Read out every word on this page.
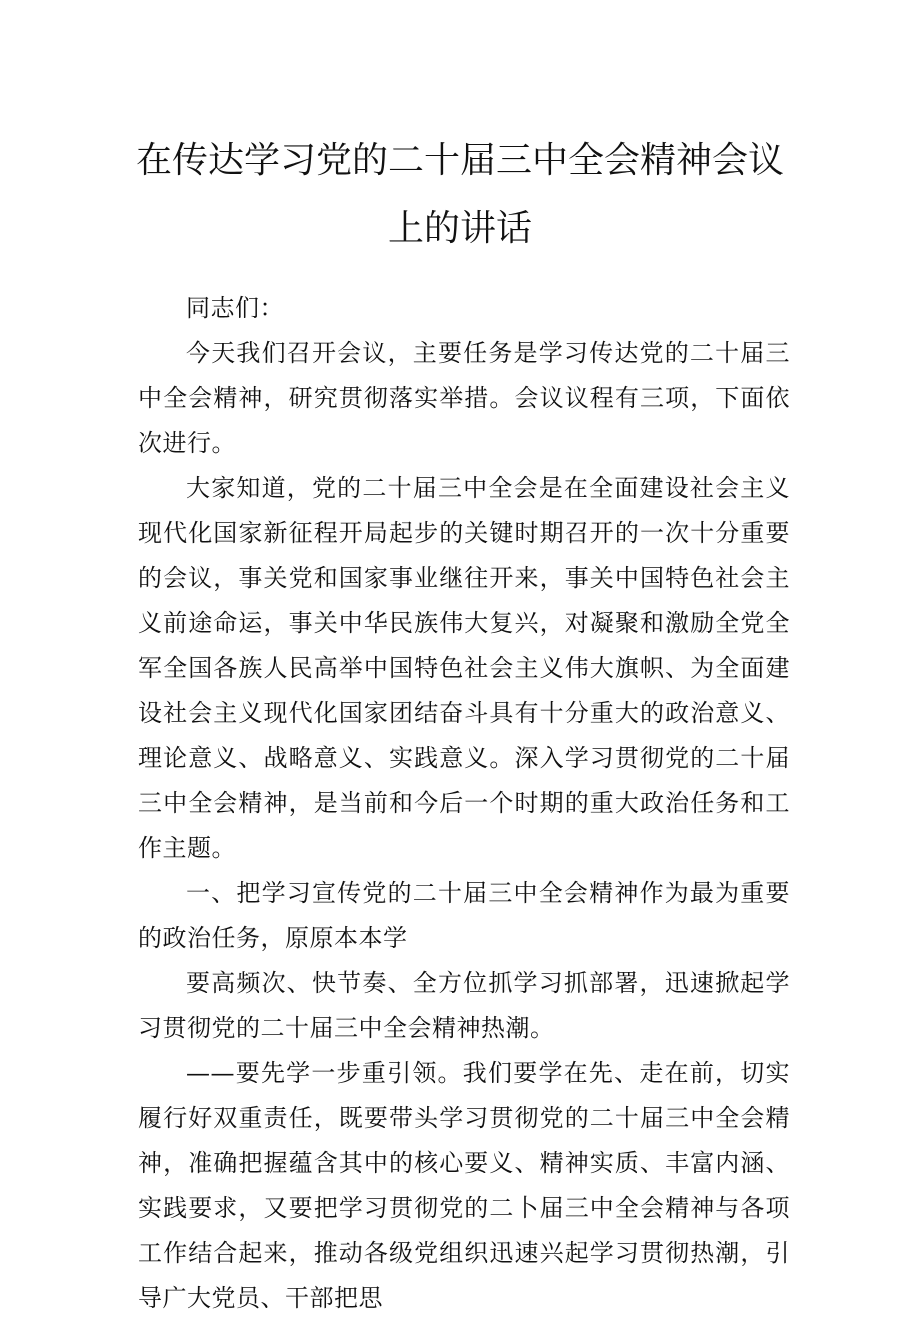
在传达学习党的二十届三中全会精神会议
上的讲话

同志们：

今天我们召开会议，主要任务是学习传达党的二十届三中全会精神，研究贯彻落实举措。会议议程有三项，下面依次进行。

大家知道，党的二十届三中全会是在全面建设社会主义现代化国家新征程开局起步的关键时期召开的一次十分重要的会议，事关党和国家事业继往开来，事关中国特色社会主义前途命运，事关中华民族伟大复兴，对凝聚和激励全党全军全国各族人民高举中国特色社会主义伟大旗帜、为全面建设社会主义现代化国家团结奋斗具有十分重大的政治意义、理论意义、战略意义、实践意义。深入学习贯彻党的二十届三中全会精神，是当前和今后一个时期的重大政治任务和工作主题。

一、把学习宣传党的二十届三中全会精神作为最为重要的政治任务，原原本本学

要高频次、快节奏、全方位抓学习抓部署，迅速掀起学习贯彻党的二十届三中全会精神热潮。

——要先学一步重引领。我们要学在先、走在前，切实履行好双重责任，既要带头学习贯彻党的二十届三中全会精神，准确把握蕴含其中的核心要义、精神实质、丰富内涵、实践要求，又要把学习贯彻党的二卜届三中全会精神与各项工作结合起来，推动各级党组织迅速兴起学习贯彻热潮，引导广大党员、干部把思
